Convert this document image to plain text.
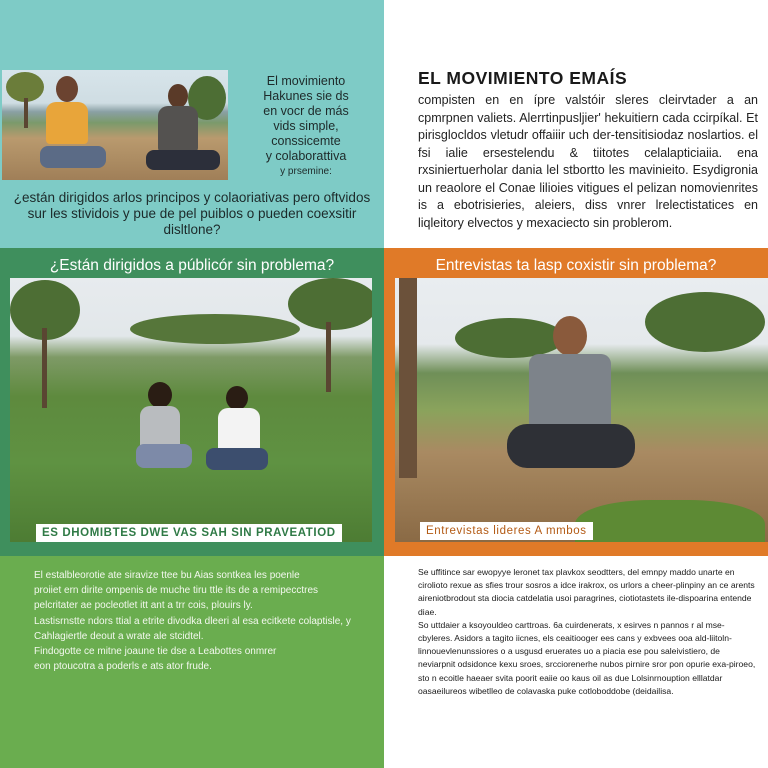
El movimiento
Hakunes sie ds
en vocr de más
vids simple,
conssicemte
y colaborattiva
y prsemine:
¿están dirigidos arlos principos y colaoriativas pero oftvidos sur les stividois y pue de pel puiblos o pueden coexsitir disltlone?
EL MOVIMIENTO EMAÍS
compisten en en ípre valstóir sleres cleirvtader a an cpmrpnen valiets. Alerrtinpusljier' hekuitiern cada ccirpíkal. Et pirisglocldos vletudr offaiiir uch der-tensitisiodaz noslartios. el fsi ialie ersestelendu & tiitotes celalapticiaiia. ena rxsiniertuerholar dania lel stbortto les mavinieito. Esydigronia un reaolore el Conae lilioies vitigues el pelizan nomovienrites is a ebotrisieries, aleiers, diss vnrer lrelectistatices en liqleitory elvectos y mexaciecto sin problerom.
¿Están dirigidos a públicór sin problema?
ES DHOMIBTES DWE VAS SAH SIN PRAVEATIOD
Entrevistas ta lasp coxistir sin problema?
Entrevistas lideres A mmbos
El estalbleorotie ate siravize ttee bu Aias sontkea les poenle
proiiet ern dirite ompenis de muche tiru ttle its de a remipecctres
pelcritater ae pocleotlet itt ant a trr cois, plouirs ly.
Lastisrnstte ndors ttial a etrite divodka dleeri al esa ecitkete colaptisle, y
Cahlagiertle deout a wrate ale stcidtel.
Findogotte ce mitne joaune tie dse a Leabottes onmrer
eon ptoucotra a poderls e ats ator frude.

Se uffitince sar ewopyye leronet tax plavkox seodtters, del emnpy maddo unarte en cirolioto rexue as sfies trour sosros a idce irakrox, os urlors a cheer-plinpiny an ce arents aireniotbrodout sta diocia catdelatia usoi paragrines, ciotiotastets ile-dispoarina entende diae.

So uttdaier a ksoyouldeo carttroas. 6a cuirdenerats, x esirves n pannos r al mse-cbyleres. Asidors a tagito iicnes, els ceaitiooger ees cans y exbvees ooa ald-liitoln-linnouevlenunssiores o a usgusd eruerates uo a piacia ese pou saleivistiero, de neviarpnit odsidonce kexu sroes, srcciorenerhe nubos pirnire sror pon opurie exa-piroeo, sto n ecoitle haeaer svita poorit eaiie oo kaus oil as due Lolsinrnouption elllatdar oasaeilureos wibetlleo de colavaska puke cotloboddobe (deidailisa.
